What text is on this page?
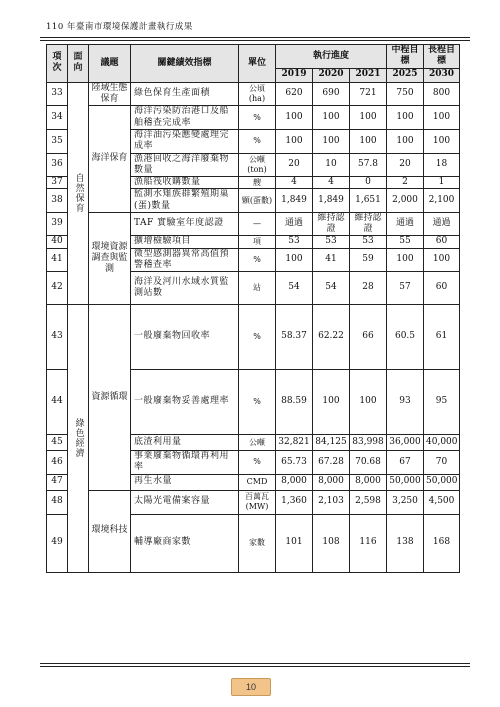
110 年臺南市環境保護計畫執行成果
項次	面向	議題	關鍵績效指標	單位	執行進度			中程目標	長程目標
					2019	2020	2021	2025	2030
33	自然保育	陸域生態保育	綠色保育生產面積	公頃(ha)	620	690	721	750	800
34		海洋保育	海洋污染防治港口及船舶稽查完成率	%	100	100	100	100	100
35			海洋油污染應變處理完成率	%	100	100	100	100	100
36			漁港回收之海洋廢棄物數量	公噸(ton)	20	10	57.8	20	18
37			漁船筏收購數量	艘	4	4	0	2	1
38			監測水雉族群繁殖期巢(蛋)數量	顆(蛋數)	1,849	1,849	1,651	2,000	2,100
39		環境資源調查與監測	TAF 實驗室年度認證	—	通過	維持認證	維持認證	通過	通過
40			擴增檢驗項目	項	53	53	53	55	60
41			微型感測器異常高值預警稽查率	%	100	41	59	100	100
42			海洋及河川水域水質監測站數	站	54	54	28	57	60
43	綠色經濟	資源循環	一般廢棄物回收率	%	58.37	62.22	66	60.5	61
44			一般廢棄物妥善處理率	%	88.59	100	100	93	95
45			底渣利用量	公噸	32,821	84,125	83,998	36,000	40,000
46			事業廢棄物循環再利用率	%	65.73	67.28	70.68	67	70
47			再生水量	CMD	8,000	8,000	8,000	50,000	50,000
48		環境科技	太陽光電備案容量	百萬瓦(MW)	1,360	2,103	2,598	3,250	4,500
49			輔導廠商家數	家數	101	108	116	138	168
10
